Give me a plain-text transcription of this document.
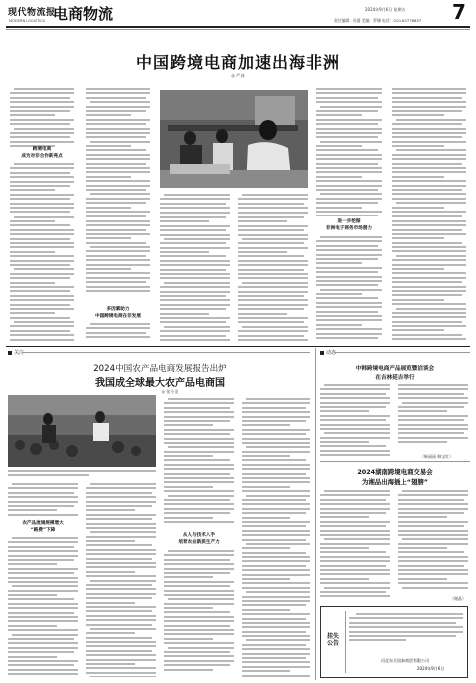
现代物流报
MODERN LOGISTICS 电商物流	2024年9月6日 星期五
责任编辑：孙蔷 美编：罗珊 电话：010-63776857 7
中国跨境电商加速出海非洲
◎ 严冰
跨境电商
成为对非合作新亮点
多因素助力
中国跨境电商在非发展
进一步挖掘
非洲电子商务市场潜力
关注
2024中国农产品电商发展报告出炉
我国成全球最大农产品电商国
◎ 张小龙
农产品流通规模增大
“路费”下降
从人与技术入手
培育农业新质生产力
动态
中韩跨境电商产品展览暨洽谈会
在吉林延吉举行
（靳丽丽 韩宝红）
2024湖南跨境电商交易会
为湘品出海插上“翅膀”
（谢晶）
挂失公告
河北东方国泰商贸有限公司
2024年9月6日
